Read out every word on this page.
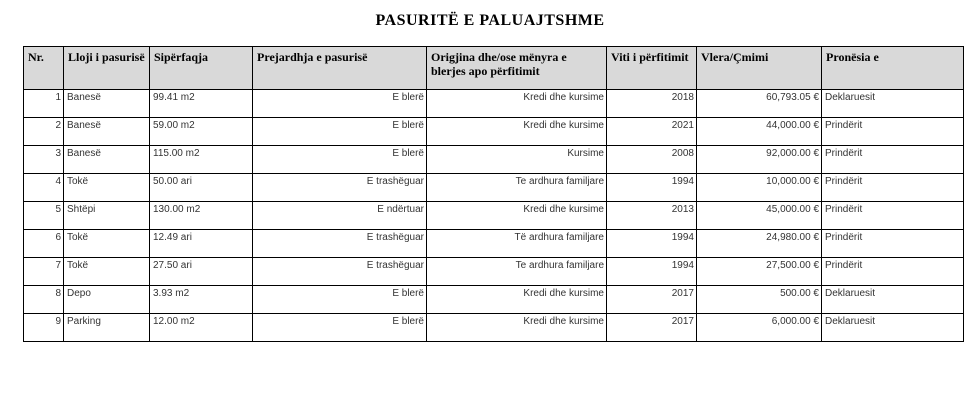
PASURITË E PALUAJTSHME
Nr.	Lloji i pasurisë	Sipërfaqja	Prejardhja e pasurisë	Origjina dhe/ose mënyra e blerjes apo përfitimit	Viti i përfitimit	Vlera/Çmimi	Pronësia e
1	Banesë	99.41 m2	E blerë	Kredi dhe kursime	2018	60,793.05 €	Deklaruesit
2	Banesë	59.00 m2	E blerë	Kredi dhe kursime	2021	44,000.00 €	Prindërit
3	Banesë	115.00 m2	E blerë	Kursime	2008	92,000.00 €	Prindërit
4	Tokë	50.00 ari	E trashëguar	Te ardhura familjare	1994	10,000.00 €	Prindërit
5	Shtëpi	130.00 m2	E ndërtuar	Kredi dhe kursime	2013	45,000.00 €	Prindërit
6	Tokë	12.49 ari	E trashëguar	Të ardhura familjare	1994	24,980.00 €	Prindërit
7	Tokë	27.50 ari	E trashëguar	Te ardhura familjare	1994	27,500.00 €	Prindërit
8	Depo	3.93 m2	E blerë	Kredi dhe kursime	2017	500.00 €	Deklaruesit
9	Parking	12.00 m2	E blerë	Kredi dhe kursime	2017	6,000.00 €	Deklaruesit
